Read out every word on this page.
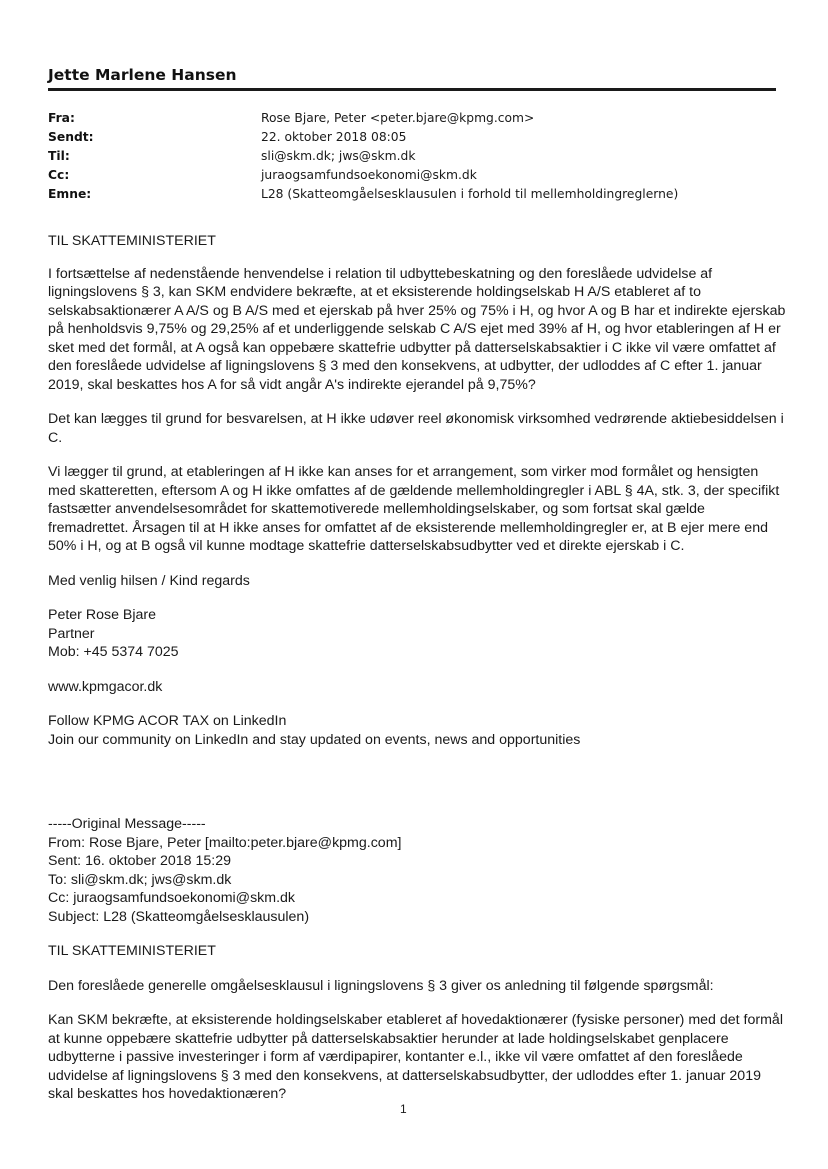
Jette Marlene Hansen
Fra:	Rose Bjare, Peter <peter.bjare@kpmg.com>
Sendt:	22. oktober 2018 08:05
Til:	sli@skm.dk; jws@skm.dk
Cc:	juraogsamfundsoekonomi@skm.dk
Emne:	L28 (Skatteomgåelsesklausulen i forhold til mellemholdingreglerne)

TIL SKATTEMINISTERIET

I fortsættelse af nedenstående henvendelse i relation til udbyttebeskatning og den foreslåede udvidelse af ligningslovens § 3, kan SKM endvidere bekræfte, at et eksisterende holdingselskab H A/S etableret af to selskabsaktionærer A A/S og B A/S med et ejerskab på hver 25% og 75% i H, og hvor A og B har et indirekte ejerskab på henholdsvis 9,75% og 29,25% af et underliggende selskab C A/S ejet med 39% af H, og hvor etableringen af H er sket med det formål, at A også kan oppebære skattefrie udbytter på datterselskabsaktier i C ikke vil være omfattet af den foreslåede udvidelse af ligningslovens § 3 med den konsekvens, at udbytter, der udloddes af C efter 1. januar 2019, skal beskattes hos A for så vidt angår A's indirekte ejerandel på 9,75%?

Det kan lægges til grund for besvarelsen, at H ikke udøver reel økonomisk virksomhed vedrørende aktiebesiddelsen i C.

Vi lægger til grund, at etableringen af H ikke kan anses for et arrangement, som virker mod formålet og hensigten med skatteretten, eftersom A og H ikke omfattes af de gældende mellemholdingregler i ABL § 4A, stk. 3, der specifikt fastsætter anvendelsesområdet for skattemotiverede mellemholdingselskaber, og som fortsat skal gælde fremadrettet. Årsagen til at H ikke anses for omfattet af de eksisterende mellemholdingregler er, at B ejer mere end 50% i H, og at B også vil kunne modtage skattefrie datterselskabsudbytter ved et direkte ejerskab i C.

Med venlig hilsen / Kind regards

Peter Rose Bjare

Partner

Mob: +45 5374 7025

www.kpmgacor.dk

Follow KPMG ACOR TAX on LinkedIn

Join our community on LinkedIn and stay updated on events, news and opportunities

-----Original Message-----

From: Rose Bjare, Peter [mailto:peter.bjare@kpmg.com]

Sent: 16. oktober 2018 15:29

To: sli@skm.dk; jws@skm.dk

Cc: juraogsamfundsoekonomi@skm.dk

Subject: L28 (Skatteomgåelsesklausulen)

TIL SKATTEMINISTERIET

Den foreslåede generelle omgåelsesklausul i ligningslovens § 3 giver os anledning til følgende spørgsmål:

Kan SKM bekræfte, at eksisterende holdingselskaber etableret af hovedaktionærer (fysiske personer) med det formål at kunne oppebære skattefrie udbytter på datterselskabsaktier herunder at lade holdingselskabet genplacere udbytterne i passive investeringer i form af værdipapirer, kontanter e.l., ikke vil være omfattet af den foreslåede udvidelse af ligningslovens § 3 med den konsekvens, at datterselskabsudbytter, der udloddes efter 1. januar 2019 skal beskattes hos hovedaktionæren?

1
